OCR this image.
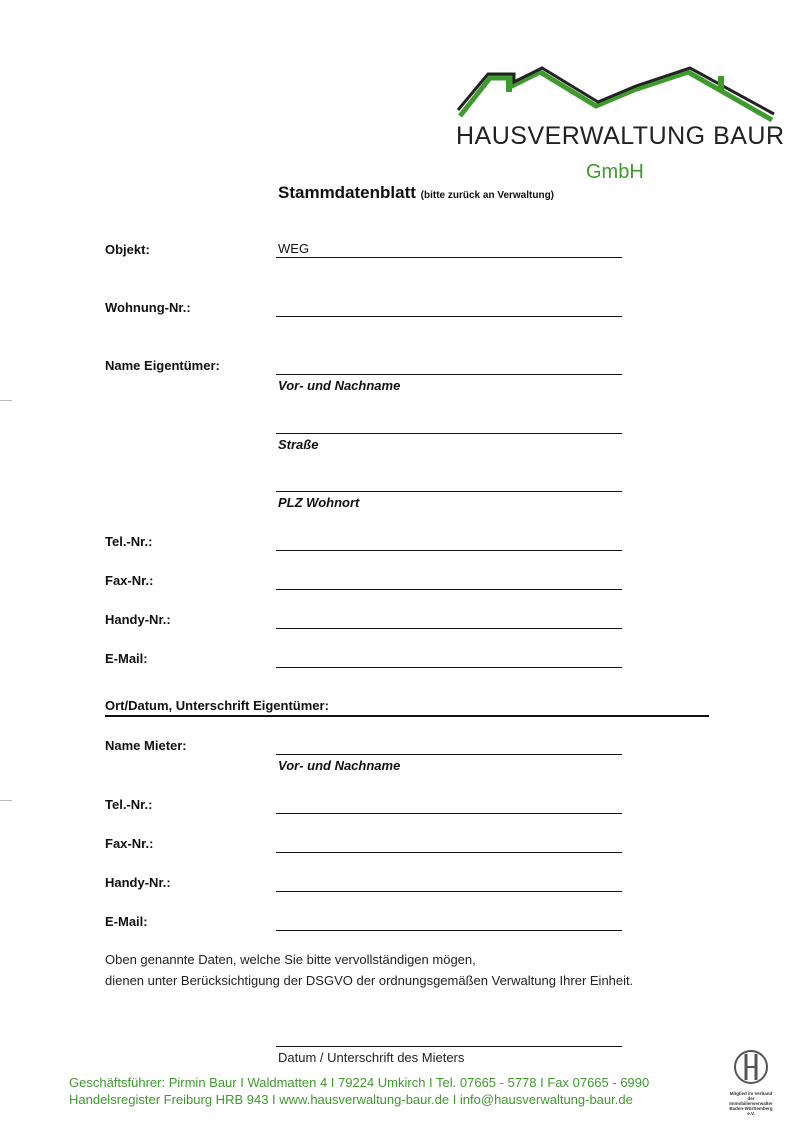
HAUSVERWALTUNG BAUR
GmbH
Stammdatenblatt (bitte zurück an Verwaltung)
Objekt:	WEG
Wohnung-Nr.:
Name Eigentümer:
Vor- und Nachname
Straße
PLZ Wohnort
Tel.-Nr.:
Fax-Nr.:
Handy-Nr.:
E-Mail:
Ort/Datum, Unterschrift Eigentümer:
Name Mieter:
Vor- und Nachname
Tel.-Nr.:
Fax-Nr.:
Handy-Nr.:
E-Mail:
Oben genannte Daten, welche Sie bitte vervollständigen mögen,
dienen unter Berücksichtigung der DSGVO der ordnungsgemäßen Verwaltung Ihrer Einheit.
Datum / Unterschrift des Mieters
Geschäftsführer: Pirmin Baur I Waldmatten 4 I 79224 Umkirch I Tel. 07665 - 5778 I Fax 07665 - 6990
Handelsregister Freiburg HRB 943 I www.hausverwaltung-baur.de I info@hausverwaltung-baur.de	Mitglied im Verband der
Immobilienverwalter
Baden-Württemberg e.V.
